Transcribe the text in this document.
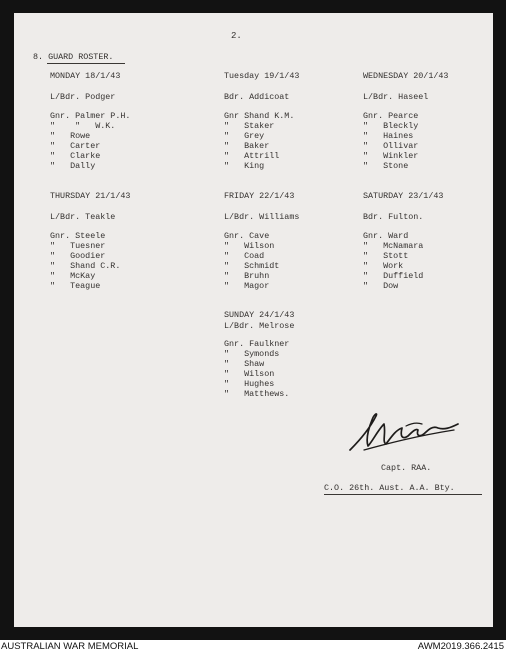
2.
8. GUARD ROSTER.
MONDAY 18/1/43
L/Bdr. Podger
Gnr. Palmer P.H.
"    "   W.K.
"   Rowe
"   Carter
"   Clarke
"   Dally
Tuesday 19/1/43
Bdr. Addicoat
Gnr Shand K.M.
"   Staker
"   Grey
"   Baker
"   Attrill
"   King
WEDNESDAY 20/1/43
L/Bdr. Haseel
Gnr. Pearce
"   Bleckly
"   Haines
"   Ollivar
"   Winkler
"   Stone
THURSDAY 21/1/43
L/Bdr. Teakle
Gnr. Steele
"   Tuesner
"   Goodier
"   Shand C.R.
"   McKay
"   Teague
FRIDAY 22/1/43
L/Bdr. Williams
Gnr. Cave
"   Wilson
"   Coad
"   Schmidt
"   Bruhn
"   Magor
SATURDAY 23/1/43
Bdr. Fulton.
Gnr. Ward
"   McNamara
"   Stott
"   Work
"   Duffield
"   Dow
SUNDAY 24/1/43
L/Bdr. Melrose
Gnr. Faulkner
"   Symonds
"   Shaw
"   Wilson
"   Hughes
"   Matthews.
Capt. RAA.
C.O. 26th. Aust. A.A. Bty.
AUSTRALIAN WAR MEMORIAL	AWM2019.366.2415
